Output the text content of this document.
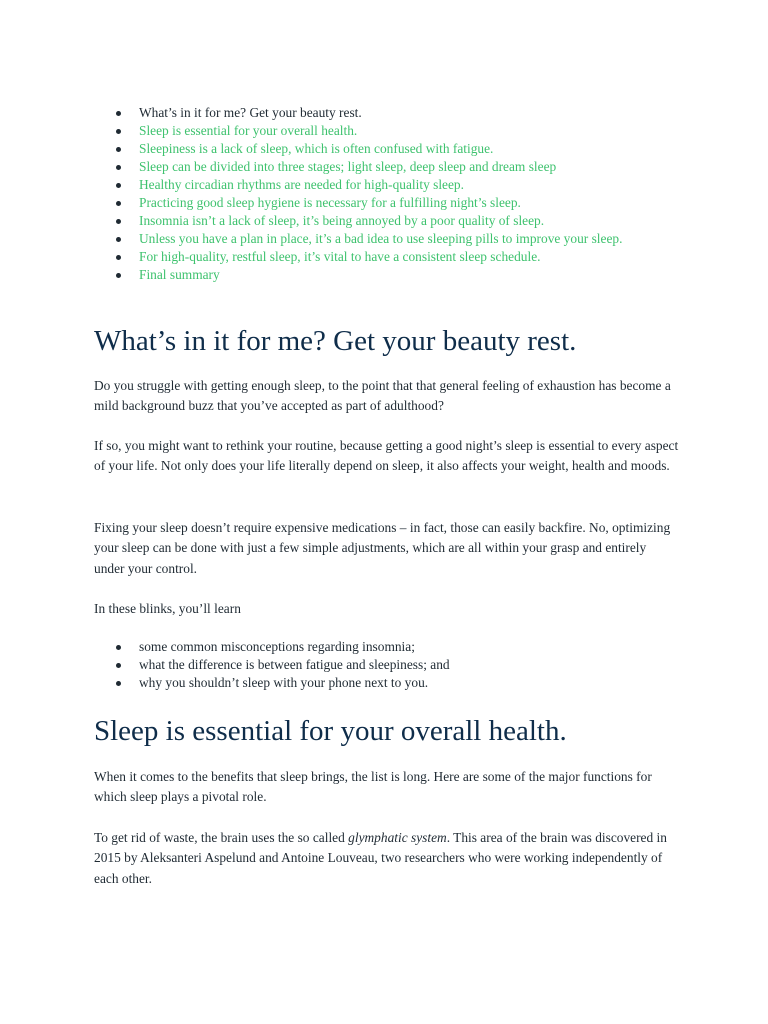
What’s in it for me? Get your beauty rest.
Sleep is essential for your overall health.
Sleepiness is a lack of sleep, which is often confused with fatigue.
Sleep can be divided into three stages; light sleep, deep sleep and dream sleep
Healthy circadian rhythms are needed for high-quality sleep.
Practicing good sleep hygiene is necessary for a fulfilling night’s sleep.
Insomnia isn’t a lack of sleep, it’s being annoyed by a poor quality of sleep.
Unless you have a plan in place, it’s a bad idea to use sleeping pills to improve your sleep.
For high-quality, restful sleep, it’s vital to have a consistent sleep schedule.
Final summary
What’s in it for me? Get your beauty rest.

Do you struggle with getting enough sleep, to the point that that general feeling of exhaustion has become a mild background buzz that you’ve accepted as part of adulthood?

If so, you might want to rethink your routine, because getting a good night’s sleep is essential to every aspect of your life. Not only does your life literally depend on sleep, it also affects your weight, health and moods.

Fixing your sleep doesn’t require expensive medications – in fact, those can easily backfire. No, optimizing your sleep can be done with just a few simple adjustments, which are all within your grasp and entirely under your control.

In these blinks, you’ll learn

some common misconceptions regarding insomnia;
what the difference is between fatigue and sleepiness; and
why you shouldn’t sleep with your phone next to you.
Sleep is essential for your overall health.

When it comes to the benefits that sleep brings, the list is long. Here are some of the major functions for which sleep plays a pivotal role.

To get rid of waste, the brain uses the so called glymphatic system. This area of the brain was discovered in 2015 by Aleksanteri Aspelund and Antoine Louveau, two researchers who were working independently of each other.
